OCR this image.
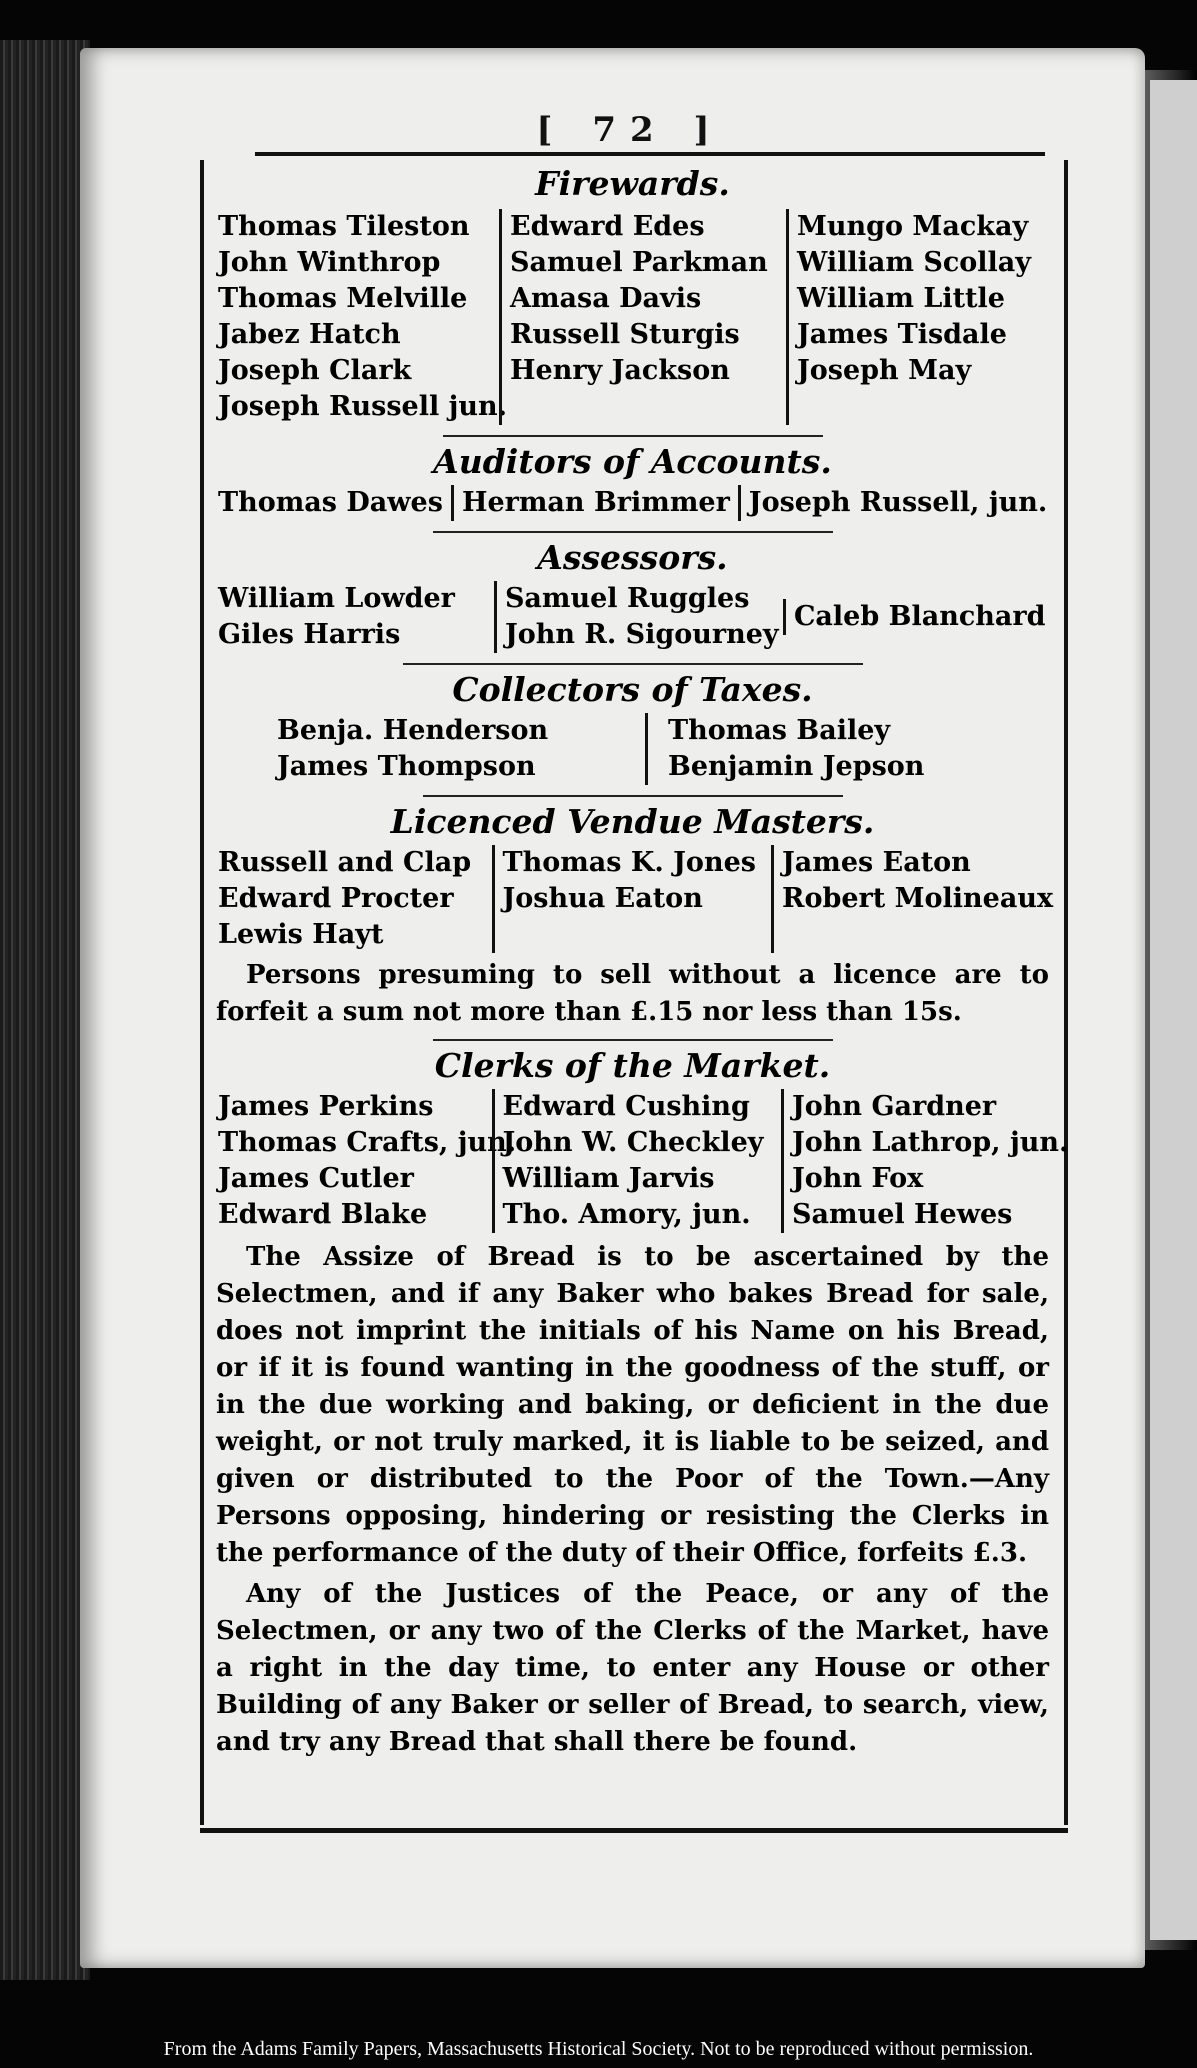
[ 72 ]
Firewards.
Thomas Tileston
John Winthrop
Thomas Melville
Jabez Hatch
Joseph Clark
Joseph Russell jun.
Edward Edes
Samuel Parkman
Amasa Davis
Russell Sturgis
Henry Jackson
Mungo Mackay
William Scollay
William Little
James Tisdale
Joseph May
Auditors of Accounts.
Thomas Dawes Herman Brimmer Joseph Russell, jun.
Assessors.
William Lowder
Giles Harris
Samuel Ruggles
John R. Sigourney
Caleb Blanchard
Collectors of Taxes.
Benja. Henderson
James Thompson
Thomas Bailey
Benjamin Jepson
Licenced Vendue Masters.
Russell and Clap
Edward Procter
Lewis Hayt
Thomas K. Jones
Joshua Eaton
James Eaton
Robert Molineaux

Persons presuming to sell without a licence are to forfeit a sum not more than £.15 nor less than 15s.

Clerks of the Market.
James Perkins
Thomas Crafts, jun.
James Cutler
Edward Blake
Edward Cushing
John W. Checkley
William Jarvis
Tho. Amory, jun.
John Gardner
John Lathrop, jun.
John Fox
Samuel Hewes

The Assize of Bread is to be ascertained by the Selectmen, and if any Baker who bakes Bread for sale, does not imprint the initials of his Name on his Bread, or if it is found wanting in the goodness of the stuff, or in the due working and baking, or deficient in the due weight, or not truly marked, it is liable to be seized, and given or distributed to the Poor of the Town.—Any Persons opposing, hindering or resisting the Clerks in the performance of the duty of their Office, forfeits £.3.

Any of the Justices of the Peace, or any of the Selectmen, or any two of the Clerks of the Market, have a right in the day time, to enter any House or other Building of any Baker or seller of Bread, to search, view, and try any Bread that shall there be found.

From the Adams Family Papers, Massachusetts Historical Society. Not to be reproduced without permission.
